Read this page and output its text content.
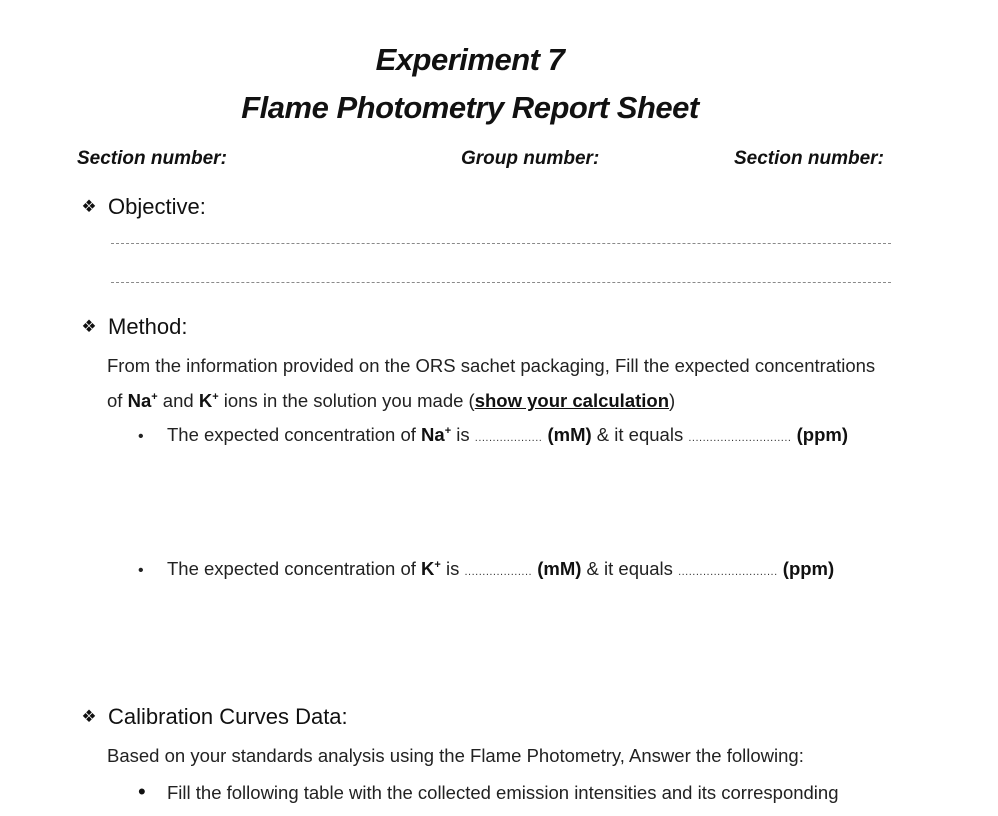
Experiment 7
Flame Photometry Report Sheet
Section number:	Group number:	Section number:
❖ Objective:
❖ Method:
From the information provided on the ORS sachet packaging, Fill the expected concentrations
of Na+ and K+ ions in the solution you made (show your calculation)
• The expected concentration of Na+ is ................... (mM) & it equals ............................. (ppm)
• The expected concentration of K+ is ................... (mM) & it equals ............................ (ppm)
❖ Calibration Curves Data:
Based on your standards analysis using the Flame Photometry, Answer the following:
• Fill the following table with the collected emission intensities and its corresponding
